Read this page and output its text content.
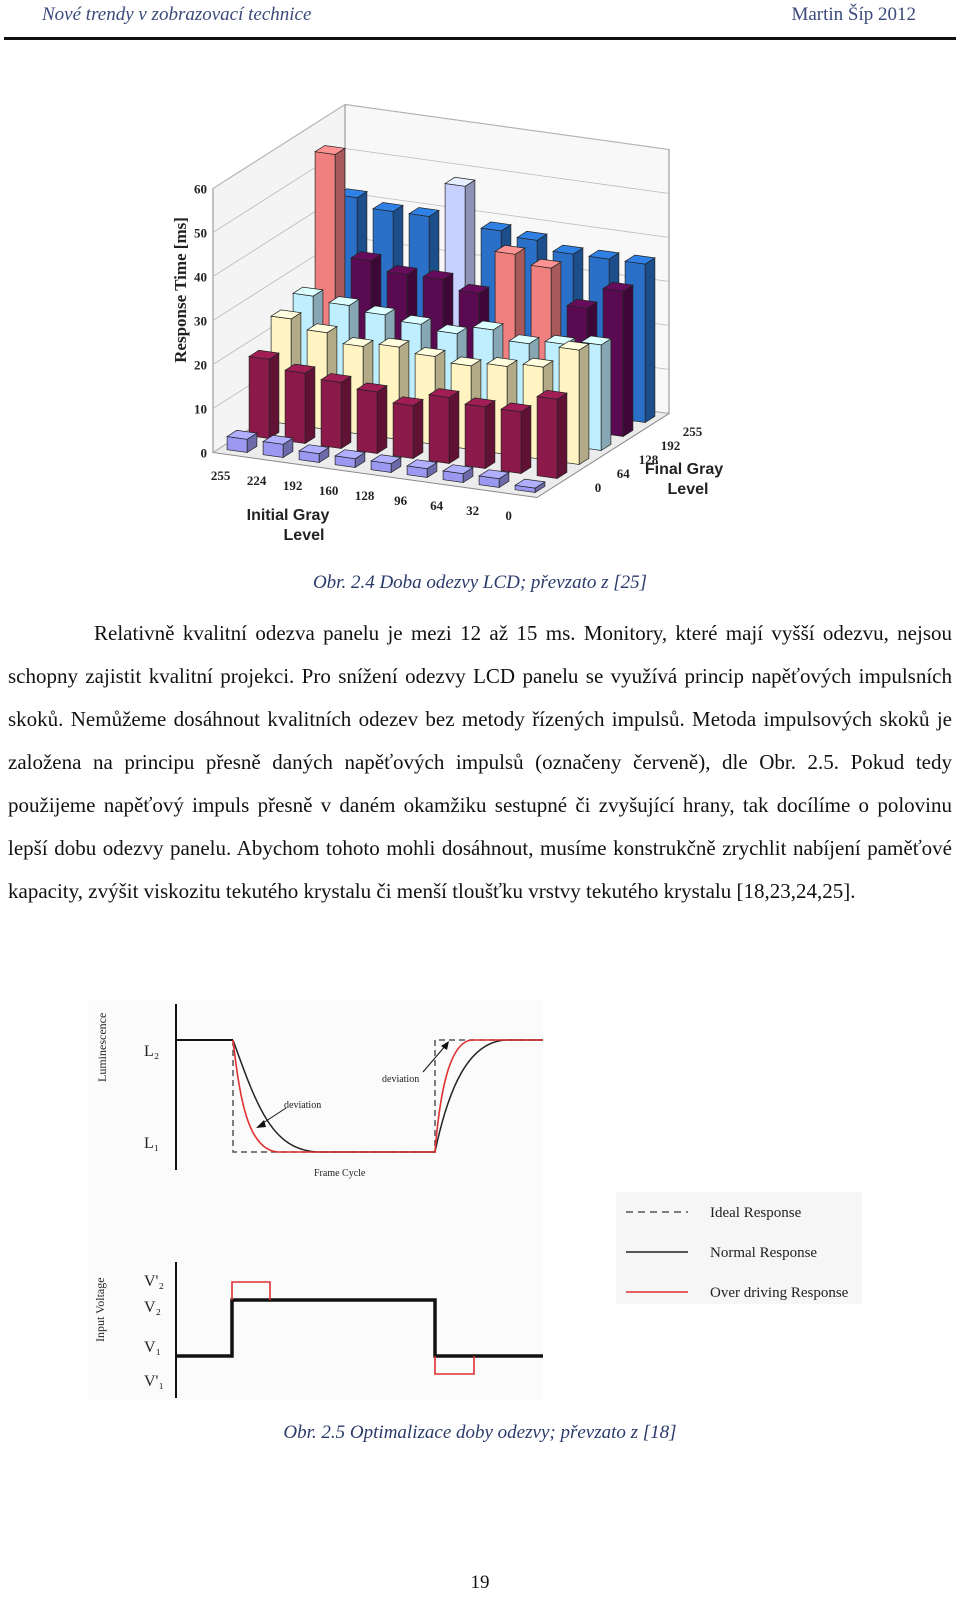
Nové trendy v zobrazovací technice	Martin Šíp 2012
0
10
20
30
40
50
60
255 224 192 160 128 96 64 32 0
0
64
128
192
255
Response Time [ms]
Initial Gray
Level
Final Gray
Level
Obr. 2.4 Doba odezvy LCD; převzato z [25]
Relativně kvalitní odezva panelu je mezi 12 až 15 ms. Monitory, které mají vyšší odezvu, nejsou schopny zajistit kvalitní projekci. Pro snížení odezvy LCD panelu se využívá princip napěťových impulsních skoků. Nemůžeme dosáhnout kvalitních odezev bez metody řízených impulsů. Metoda impulsových skoků je založena na principu přesně daných napěťových impulsů (označeny červeně), dle Obr. 2.5. Pokud tedy použijeme napěťový impuls přesně v daném okamžiku sestupné či zvyšující hrany, tak docílíme o polovinu lepší dobu odezvy panelu. Abychom tohoto mohli dosáhnout, musíme konstrukčně zrychlit nabíjení paměťové kapacity, zvýšit viskozitu tekutého krystalu či menší tloušťku vrstvy tekutého krystalu [18,23,24,25].
Luminescence L₂
L₁
deviation
deviation
Frame Cycle
Input Voltage V'₂
V₂
V₁
V'₁
Ideal Response
Normal Response
Over driving Response
Obr. 2.5 Optimalizace doby odezvy; převzato z [18]
19
